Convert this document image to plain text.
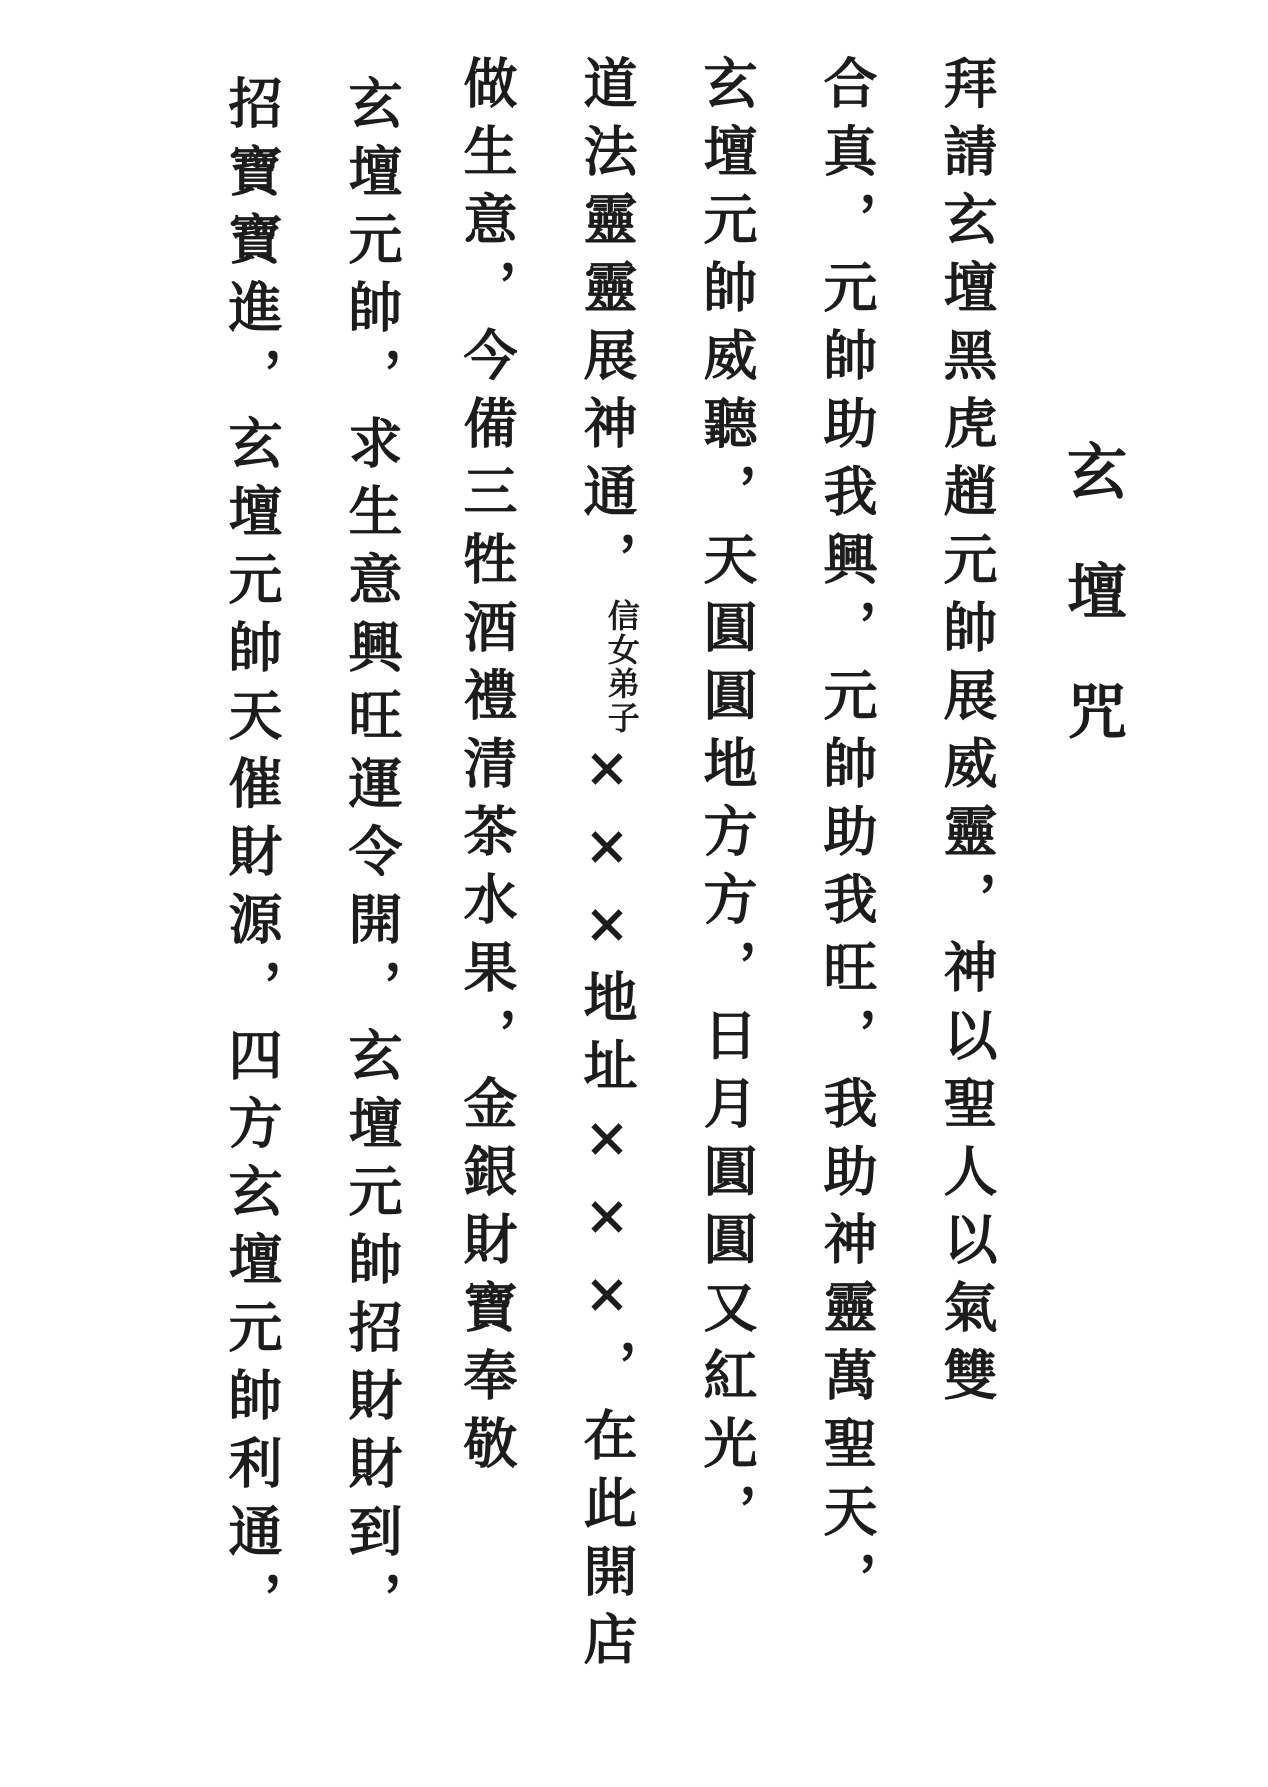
玄壇咒
拜請玄壇黑虎趙元帥展威靈，神以聖人以氣雙
合真，元帥助我興，元帥助我旺，我助神靈萬聖天，
玄壇元帥威聽，天圓圓地方方，日月圓圓又紅光，
道法靈靈展神通，
弟子
信女
×××地址×××，在此開店
做生意，今備三牲酒禮清茶水果，金銀財寶奉敬
玄壇元帥，求生意興旺運令開，玄壇元帥招財財到，
招寶寶進，玄壇元帥天催財源，四方玄壇元帥利通，
